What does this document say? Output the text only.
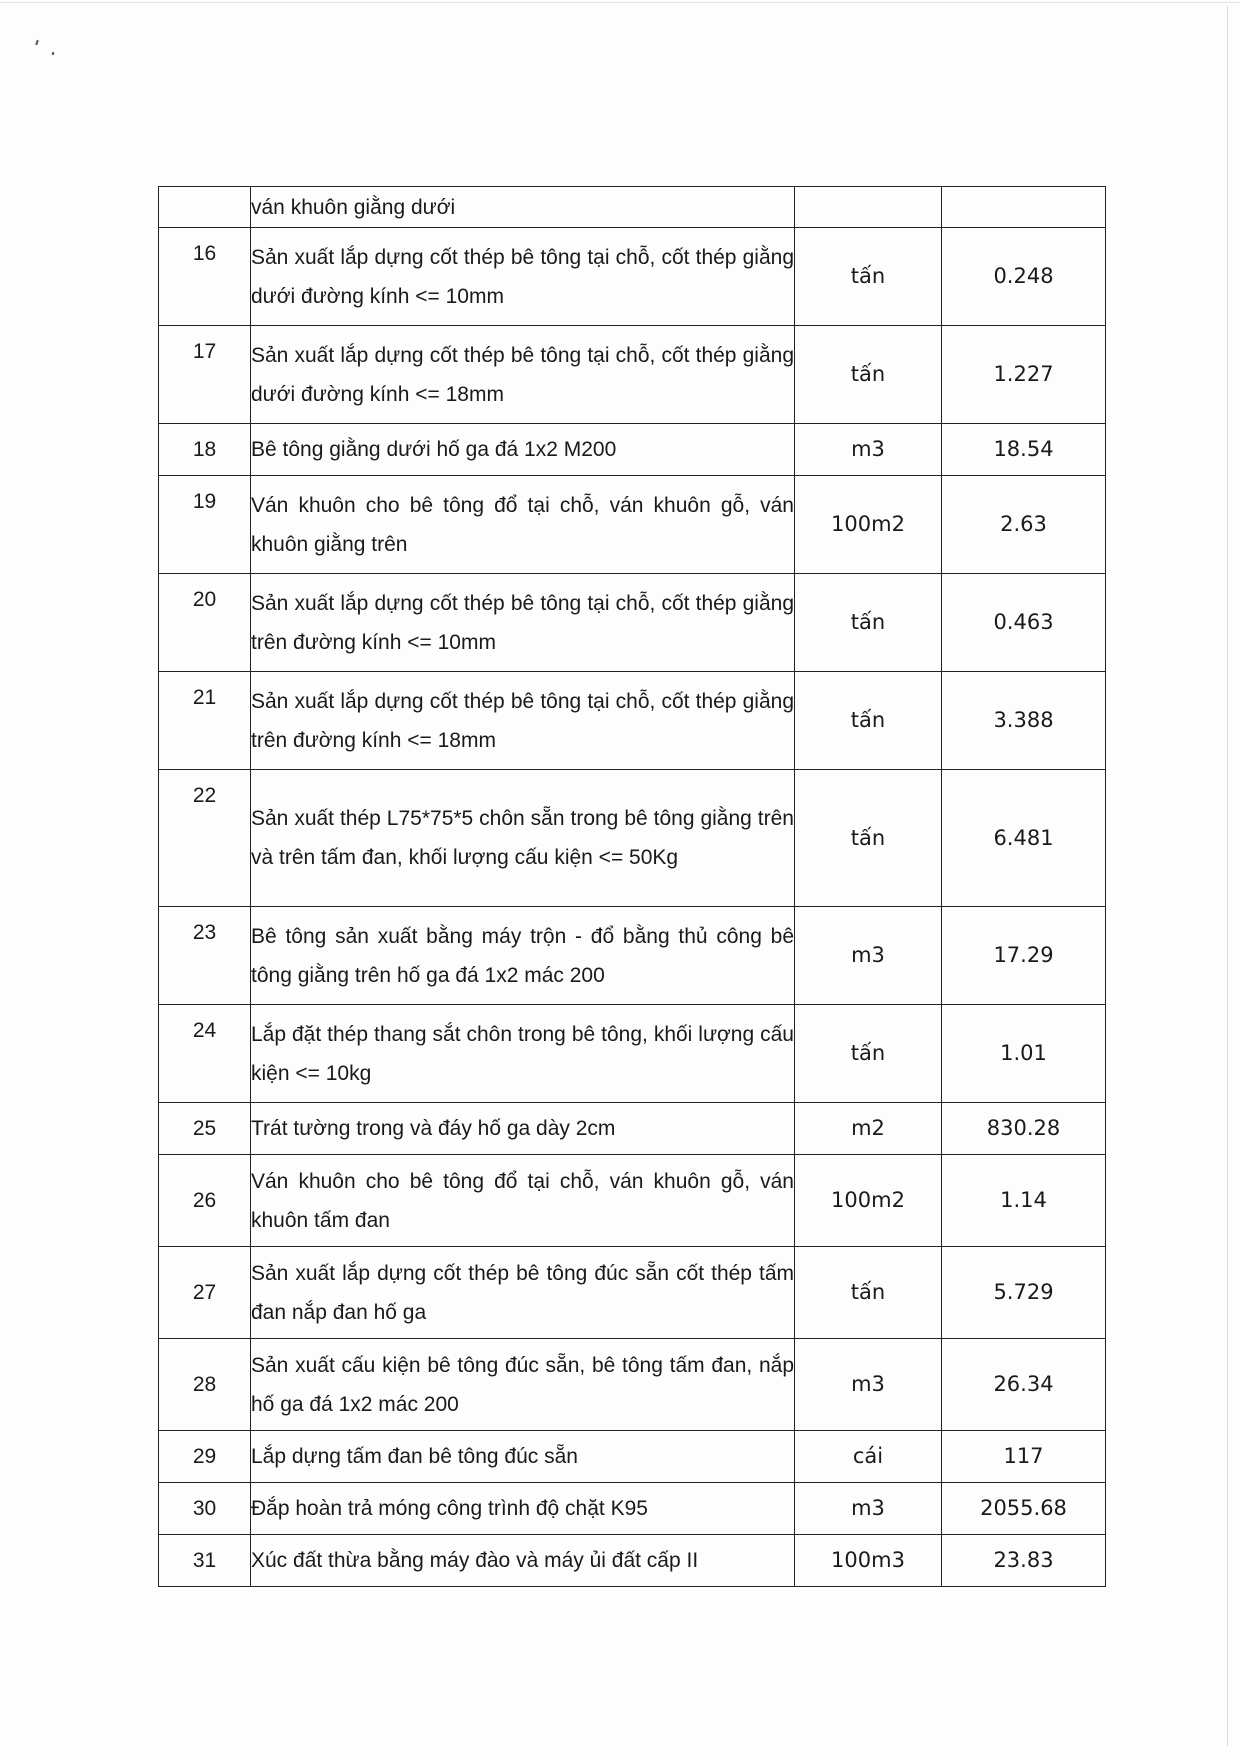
	ván khuôn giằng dưới		
16	Sản xuất lắp dựng cốt thép bê tông tại chỗ, cốt thép giằng dưới đường kính <= 10mm	tấn	0.248
17	Sản xuất lắp dựng cốt thép bê tông tại chỗ, cốt thép giằng dưới đường kính <= 18mm	tấn	1.227
18	Bê tông giằng dưới hố ga đá 1x2 M200	m3	18.54
19	Ván khuôn cho bê tông đổ tại chỗ, ván khuôn gỗ, ván khuôn giằng trên	100m2	2.63
20	Sản xuất lắp dựng cốt thép bê tông tại chỗ, cốt thép giằng trên đường kính <= 10mm	tấn	0.463
21	Sản xuất lắp dựng cốt thép bê tông tại chỗ, cốt thép giằng trên đường kính <= 18mm	tấn	3.388
22	Sản xuất thép L75*75*5 chôn sẵn trong bê tông giằng trên và trên tấm đan, khối lượng cấu kiện <= 50Kg	tấn	6.481
23	Bê tông sản xuất bằng máy trộn - đổ bằng thủ công bê tông giằng trên hố ga đá 1x2 mác 200	m3	17.29
24	Lắp đặt thép thang sắt chôn trong bê tông, khối lượng cấu kiện <= 10kg	tấn	1.01
25	Trát tường trong và đáy hố ga dày 2cm	m2	830.28
26	Ván khuôn cho bê tông đổ tại chỗ, ván khuôn gỗ, ván khuôn tấm đan	100m2	1.14
27	Sản xuất lắp dựng cốt thép bê tông đúc sẵn cốt thép tấm đan nắp đan hố ga	tấn	5.729
28	Sản xuất cấu kiện bê tông đúc sẵn, bê tông tấm đan, nắp hố ga đá 1x2 mác 200	m3	26.34
29	Lắp dựng tấm đan bê tông đúc sẵn	cái	117
30	Đắp hoàn trả móng công trình độ chặt K95	m3	2055.68
31	Xúc đất thừa bằng máy đào và máy ủi đất cấp II	100m3	23.83
